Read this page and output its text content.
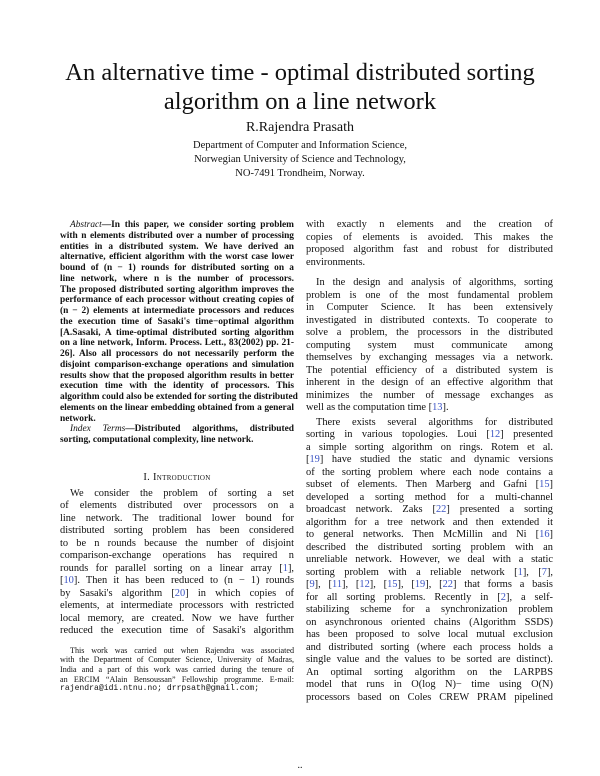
An alternative time - optimal distributed sorting
algorithm on a line network
R.Rajendra Prasath
Department of Computer and Information Science,
Norwegian University of Science and Technology,
NO-7491 Trondheim, Norway.
Abstract—In this paper, we consider sorting problem
with n elements distributed over a number of processing
entities in a distributed system. We have derived an
alternative, efficient algorithm with the worst case lower
bound of (n − 1) rounds for distributed sorting on a
line network, where n is the number of processors.
The proposed distributed sorting algorithm improves the
performance of each processor without creating copies of
(n − 2) elements at intermediate processors and reduces
the execution time of Sasaki's time−optimal algorithm
[A.Sasaki, A time-optimal distributed sorting algorithm
on a line network, Inform. Process. Lett., 83(2002) pp. 21-
26]. Also all processors do not necessarily perform the
disjoint comparison-exchange operations and simulation
results show that the proposed algorithm results in better
execution time with the identity of processors. This
algorithm could also be extended for sorting the distributed
elements on the linear embedding obtained from a general
network.
Index Terms—Distributed algorithms, distributed
sorting, computational complexity, line network.
I. Introduction
We consider the problem of sorting a set
of elements distributed over processors on a
line network. The traditional lower bound for
distributed sorting problem has been considered
to be n rounds because the number of disjoint
comparison-exchange operations has required n
rounds for parallel sorting on a linear array [1],
[10]. Then it has been reduced to (n − 1) rounds
by Sasaki's algorithm [20] in which copies of
elements, at intermediate processors with restricted
local memory, are created. Now we have further
reduced the execution time of Sasaki's algorithm
This work was carried out when Rajendra was associated
with the Department of Computer Science, University of Madras,
India and a part of this work was carried during the tenure of
an ERCIM “Alain Bensoussan” Fellowship programme. E-mail:
rajendra@idi.ntnu.no; drrpsath@gmail.com;
with exactly n elements and the creation of
copies of elements is avoided. This makes the
proposed algorithm fast and robust for distributed
environments.
In the design and analysis of algorithms, sorting
problem is one of the most fundamental problem
in Computer Science. It has been extensively
investigated in distributed contexts. To cooperate to
solve a problem, the processors in the distributed
computing system must communicate among
themselves by exchanging messages via a network.
The potential efficiency of a distributed system is
inherent in the design of an effective algorithm that
minimizes the number of message exchanges as
well as the computation time [13].
There exists several algorithms for distributed
sorting in various topologies. Loui [12] presented
a simple sorting algorithm on rings. Rotem et al.
[19] have studied the static and dynamic versions
of the sorting problem where each node contains a
subset of elements. Then Marberg and Gafni [15]
developed a sorting method for a multi-channel
broadcast network. Zaks [22] presented a sorting
algorithm for a tree network and then extended it
to general networks. Then McMillin and Ni [16]
described the distributed sorting problem with an
unreliable network. However, we deal with a static
sorting problem with a reliable network [1], [7],
[9], [11], [12], [15], [19], [22] that forms a basis
for all sorting problems. Recently in [2], a self-
stabilizing scheme for a synchronization problem
on asynchronous oriented chains (Algorithm SSDS)
has been proposed to solve local mutual exclusion
and distributed sorting (where each process holds a
single value and the values to be sorted are distinct).
An optimal sorting algorithm on the LARPBS
model that runs in O(log N)− time using O(N)
processors based on Coles CREW PRAM pipelined
..
